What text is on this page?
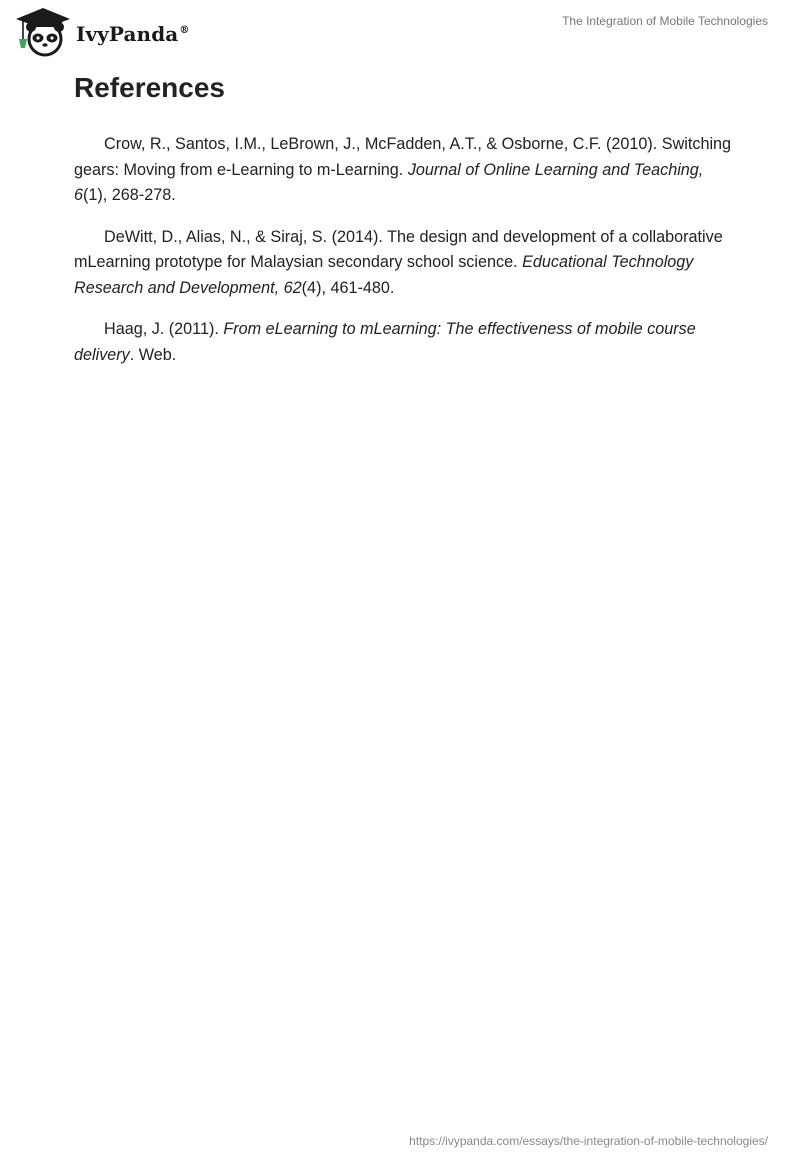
IvyPanda®
The Integration of Mobile Technologies
References

Crow, R., Santos, I.M., LeBrown, J., McFadden, A.T., & Osborne, C.F. (2010). Switching gears: Moving from e-Learning to m-Learning. Journal of Online Learning and Teaching, 6(1), 268-278.

DeWitt, D., Alias, N., & Siraj, S. (2014). The design and development of a collaborative mLearning prototype for Malaysian secondary school science. Educational Technology Research and Development, 62(4), 461-480.

Haag, J. (2011). From eLearning to mLearning: The effectiveness of mobile course delivery. Web.

https://ivypanda.com/essays/the-integration-of-mobile-technologies/
